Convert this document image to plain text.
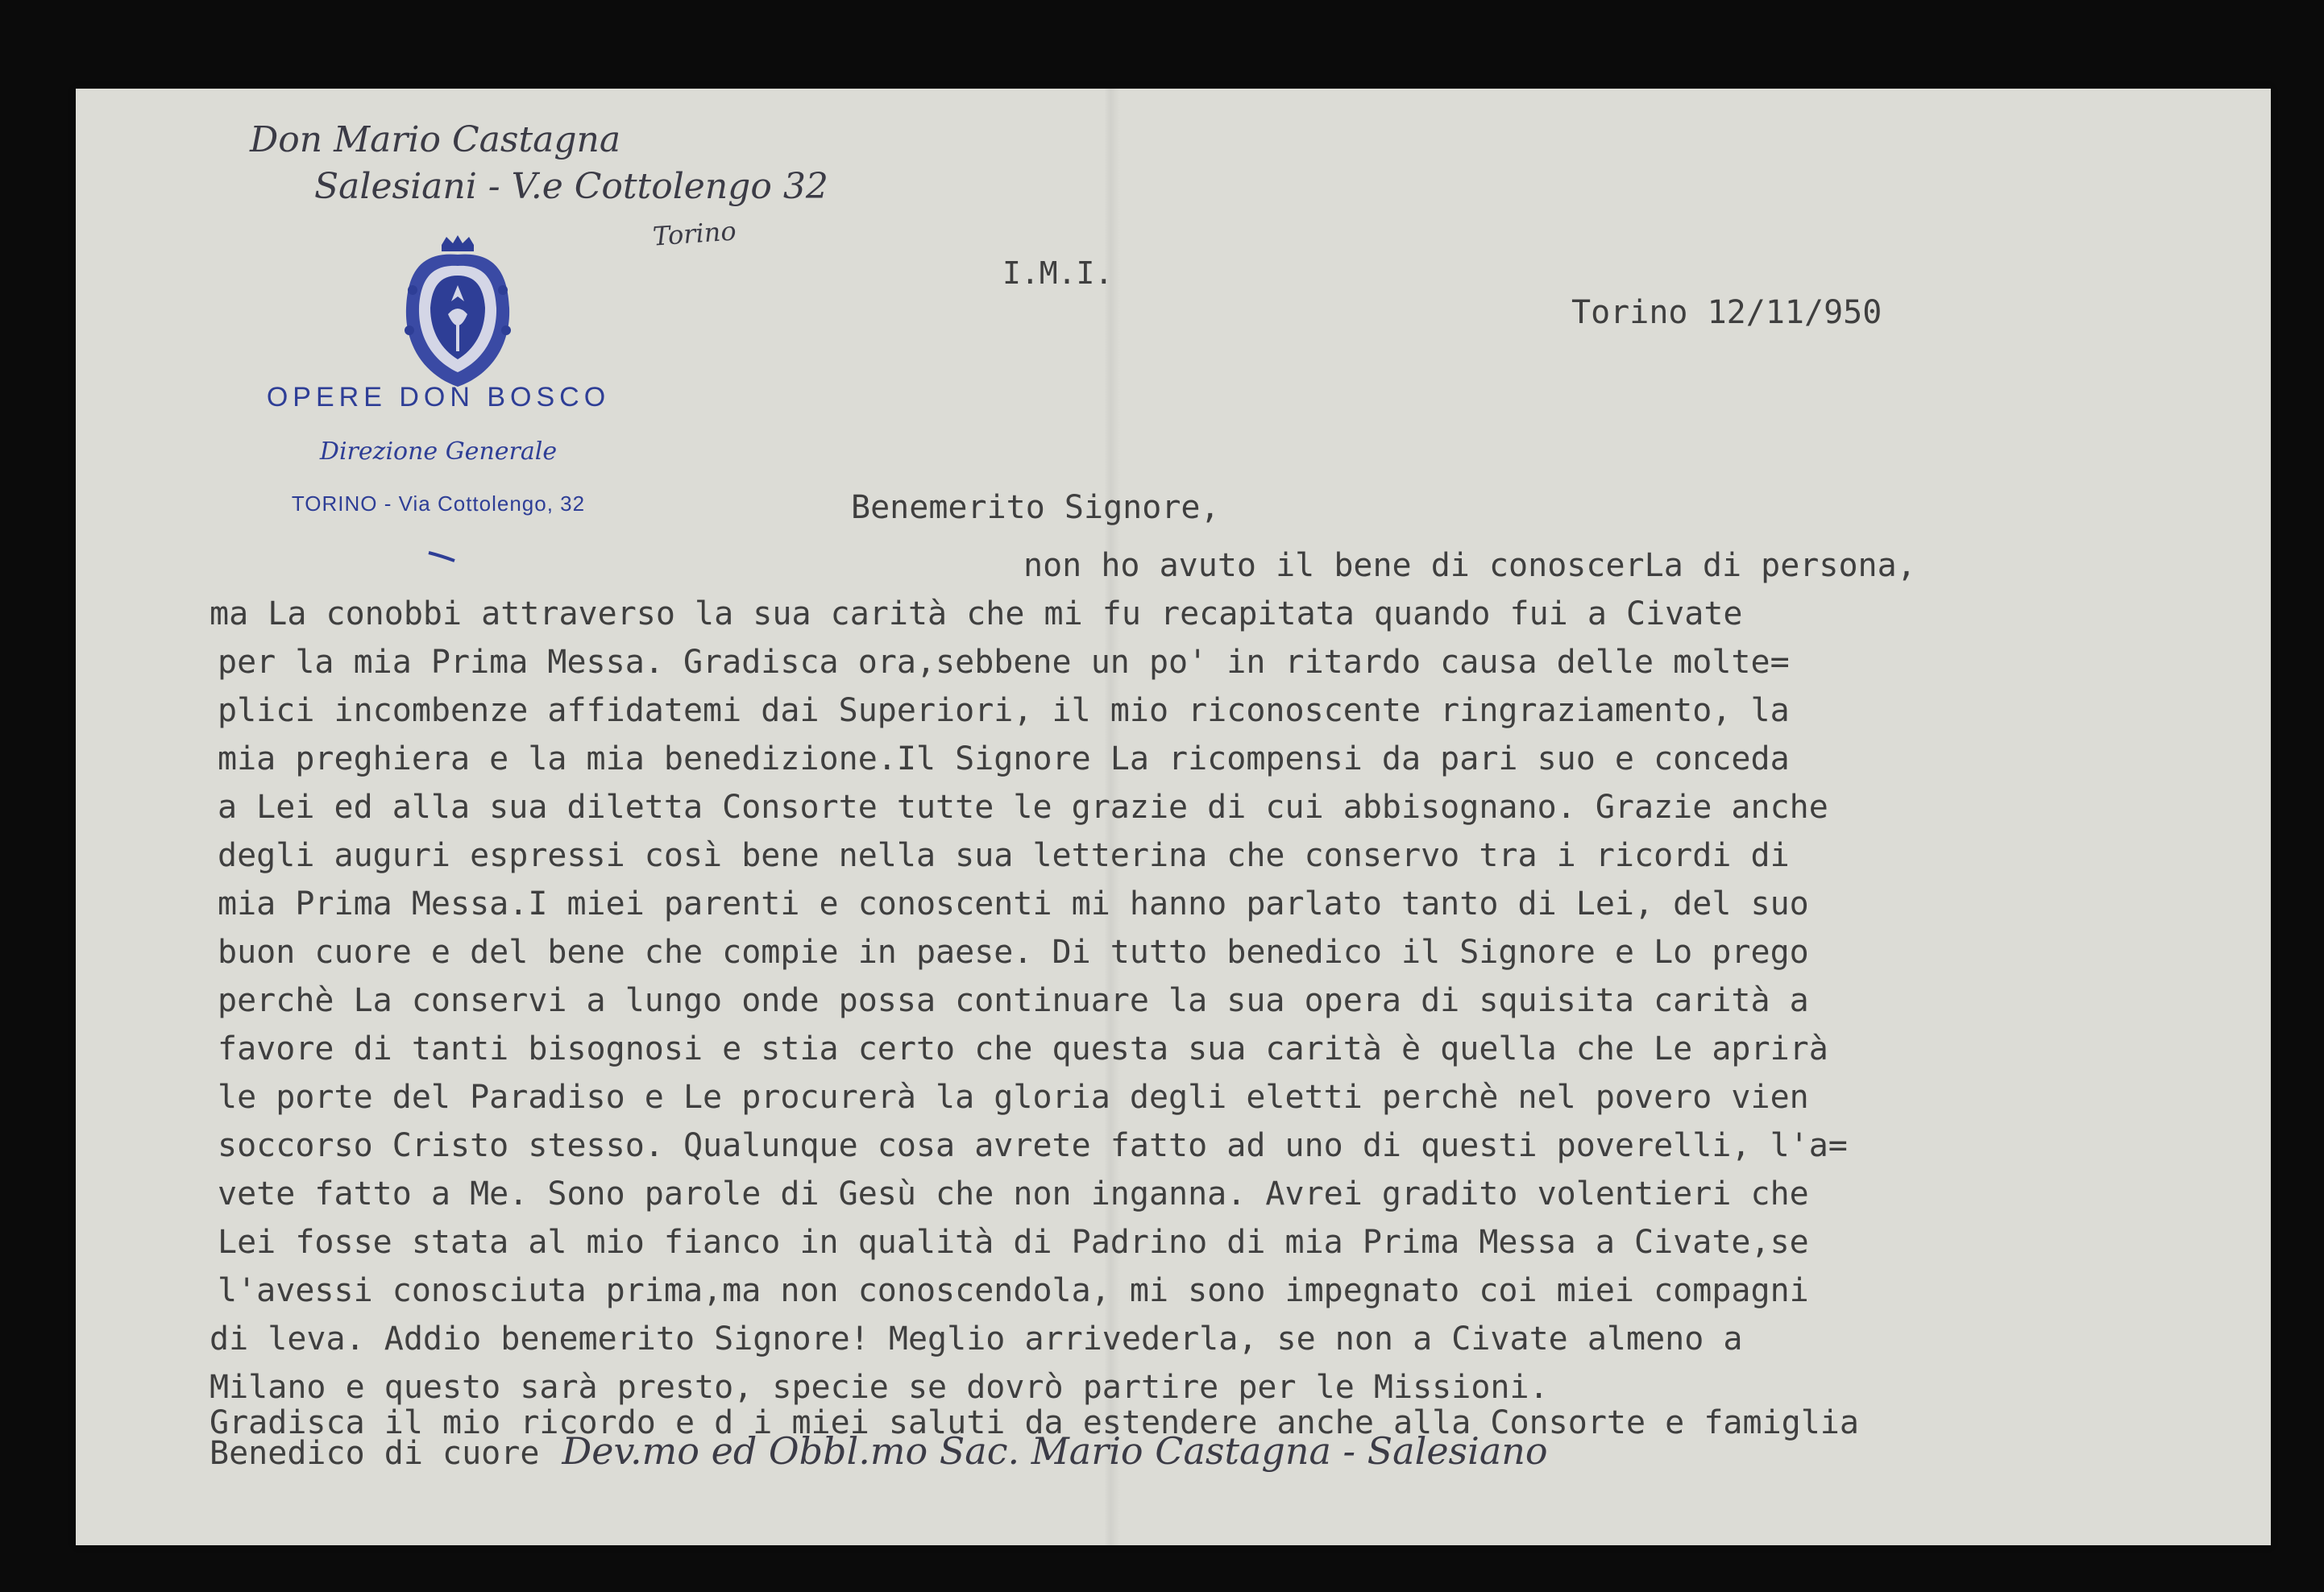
Don Mario Castagna
Salesiani - V.e Cottolengo 32
Torino
OPERE DON BOSCO
Direzione Generale
TORINO - Via Cottolengo, 32
I.M.I.
Torino 12/11/950
Benemerito Signore,
non ho avuto il bene di conoscerLa di persona,
ma La conobbi attraverso la sua carità che mi fu recapitata quando fui a Civate
per la mia Prima Messa. Gradisca ora,sebbene un po' in ritardo causa delle molte=
plici incombenze affidatemi dai Superiori, il mio riconoscente ringraziamento, la
mia preghiera e la mia benedizione.Il Signore La ricompensi da pari suo e conceda
a Lei ed alla sua diletta Consorte tutte le grazie di cui abbisognano. Grazie anche
degli auguri espressi così bene nella sua letterina che conservo tra i ricordi di
mia Prima Messa.I miei parenti e conoscenti mi hanno parlato tanto di Lei, del suo
buon cuore e del bene che compie in paese. Di tutto benedico il Signore e Lo prego
perchè La conservi a lungo onde possa continuare la sua opera di squisita carità a
favore di tanti bisognosi e stia certo che questa sua carità è quella che Le aprirà
le porte del Paradiso e Le procurerà la gloria degli eletti perchè nel povero vien
soccorso Cristo stesso. Qualunque cosa avrete fatto ad uno di questi poverelli, l'a=
vete fatto a Me. Sono parole di Gesù che non inganna. Avrei gradito volentieri che
Lei fosse stata al mio fianco in qualità di Padrino di mia Prima Messa a Civate,se
l'avessi conosciuta prima,ma non conoscendola, mi sono impegnato coi miei compagni
di leva. Addio benemerito Signore! Meglio arrivederla, se non a Civate almeno a
Milano e questo sarà presto, specie se dovrò partire per le Missioni.
Gradisca il mio ricordo e d i miei saluti da estendere anche alla Consorte e famiglia
Benedico di cuore Dev.mo ed Obbl.mo Sac. Mario Castagna - Salesiano
